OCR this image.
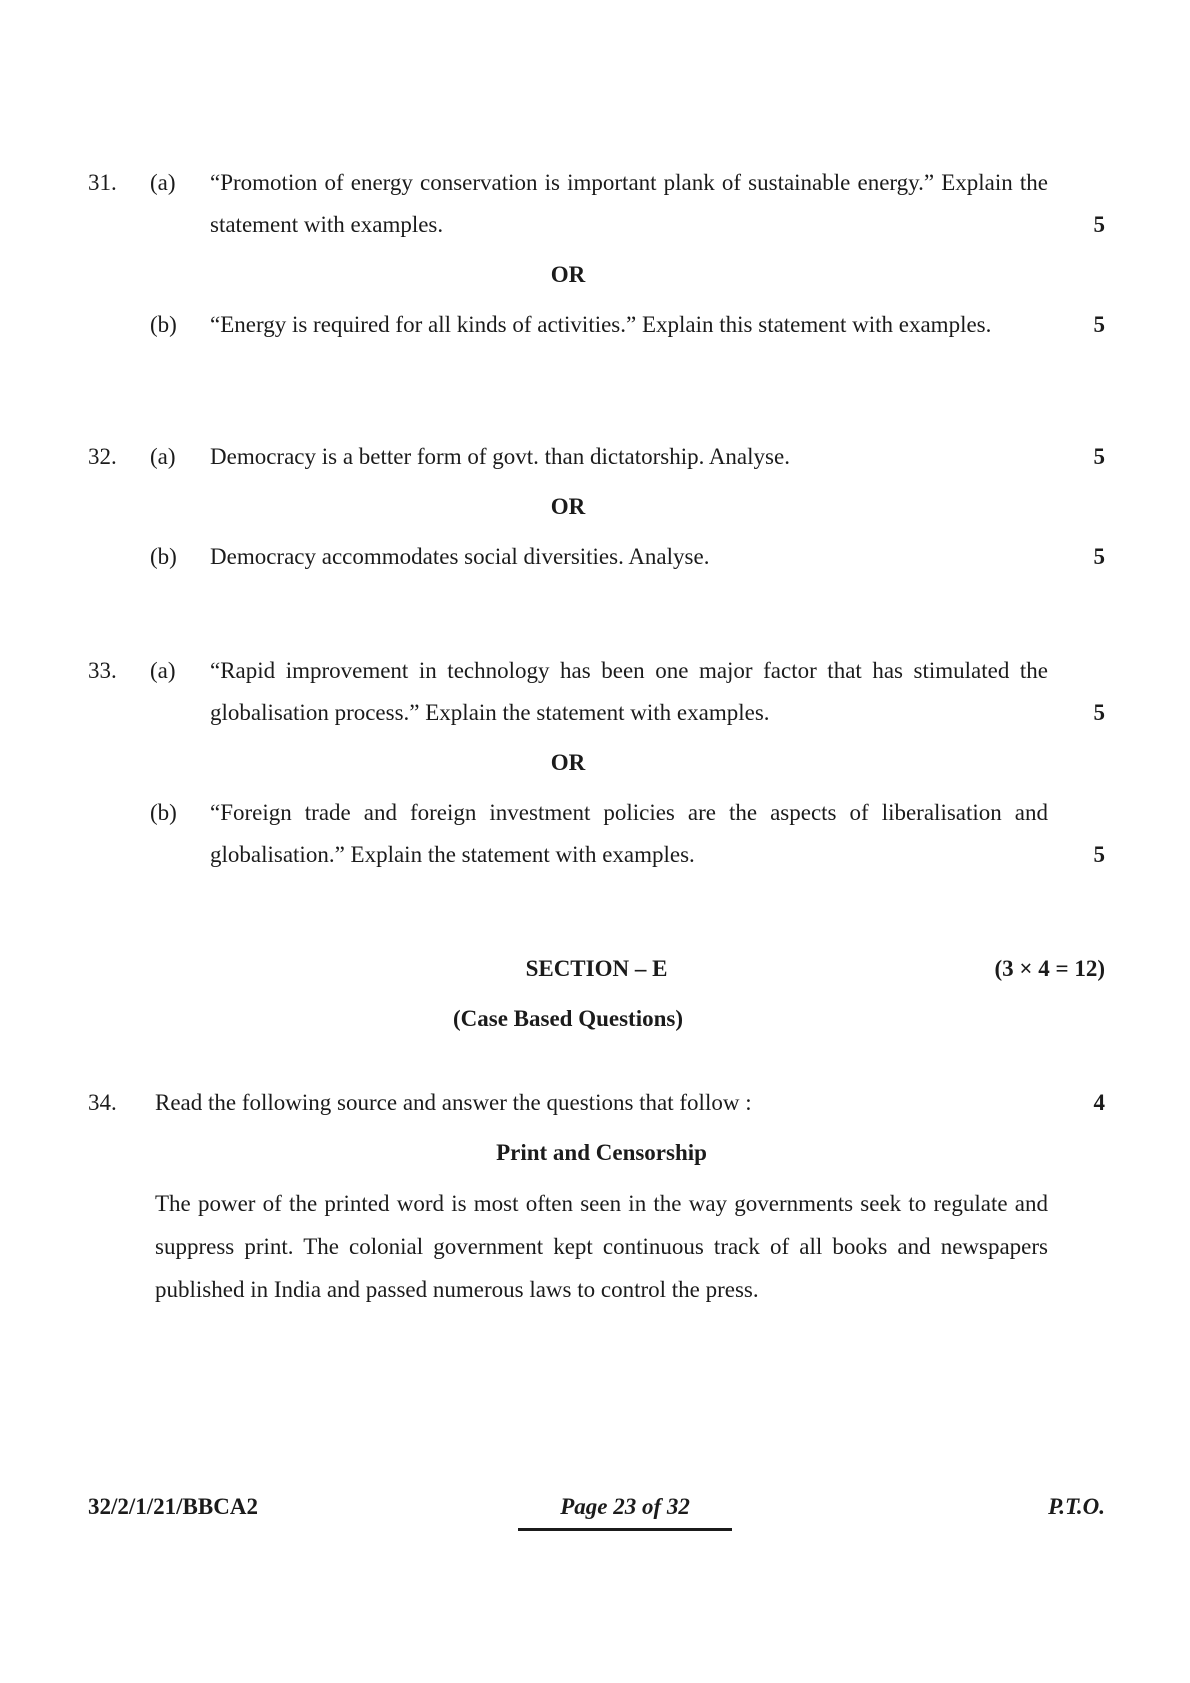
31.	(a)	“Promotion of energy conservation is important plank of sustainable energy.” Explain the statement with examples.	5
OR
(b)	“Energy is required for all kinds of activities.” Explain this statement with examples.	5
32.	(a)	Democracy is a better form of govt. than dictatorship. Analyse.	5
OR
(b)	Democracy accommodates social diversities. Analyse.	5
33.	(a)	“Rapid improvement in technology has been one major factor that has stimulated the globalisation process.” Explain the statement with examples.	5
OR
(b)	“Foreign trade and foreign investment policies are the aspects of liberalisation and globalisation.” Explain the statement with examples.	5
SECTION – E	(3 × 4 = 12)
(Case Based Questions)
34.	Read the following source and answer the questions that follow :	4
Print and Censorship
The power of the printed word is most often seen in the way governments seek to regulate and suppress print. The colonial government kept continuous track of all books and newspapers published in India and passed numerous laws to control the press.
32/2/1/21/BBCA2	Page 23 of 32	P.T.O.
